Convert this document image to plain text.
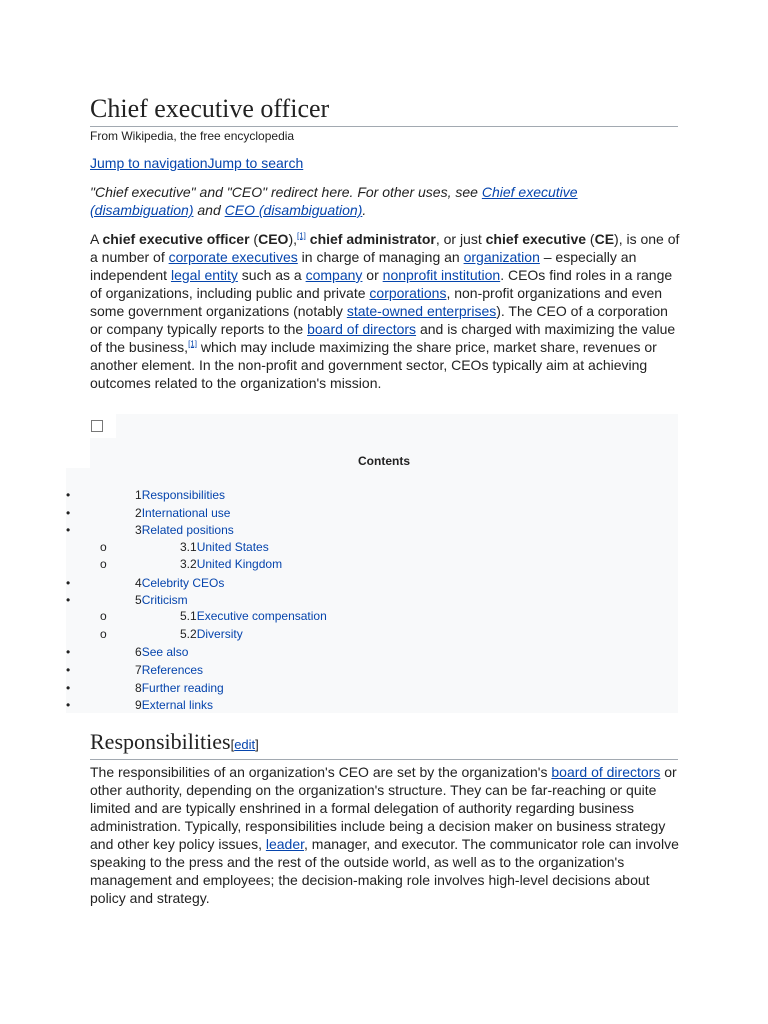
Chief executive officer
From Wikipedia, the free encyclopedia
Jump to navigationJump to search
"Chief executive" and "CEO" redirect here. For other uses, see Chief executive (disambiguation) and CEO (disambiguation).

A chief executive officer (CEO),[1] chief administrator, or just chief executive (CE), is one of a number of corporate executives in charge of managing an organization – especially an independent legal entity such as a company or nonprofit institution. CEOs find roles in a range of organizations, including public and private corporations, non-profit organizations and even some government organizations (notably state-owned enterprises). The CEO of a corporation or company typically reports to the board of directors and is charged with maximizing the value of the business,[1] which may include maximizing the share price, market share, revenues or another element. In the non-profit and government sector, CEOs typically aim at achieving outcomes related to the organization's mission.

Contents
•	1Responsibilities
•	2International use
•	3Related positions
o	3.1United States
o	3.2United Kingdom
•	4Celebrity CEOs
•	5Criticism
o	5.1Executive compensation
o	5.2Diversity
•	6See also
•	7References
•	8Further reading
•	9External links
Responsibilities[edit]

The responsibilities of an organization's CEO are set by the organization's board of directors or other authority, depending on the organization's structure. They can be far-reaching or quite limited and are typically enshrined in a formal delegation of authority regarding business administration. Typically, responsibilities include being a decision maker on business strategy and other key policy issues, leader, manager, and executor. The communicator role can involve speaking to the press and the rest of the outside world, as well as to the organization's management and employees; the decision-making role involves high-level decisions about policy and strategy.
